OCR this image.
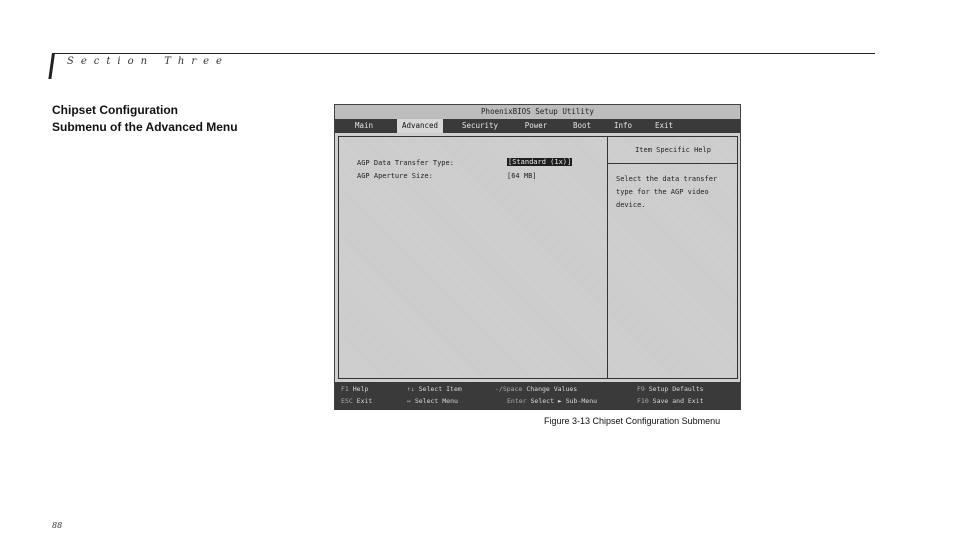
Section Three
Chipset Configuration
Submenu of the Advanced Menu
PhoenixBIOS Setup Utility
Main	Advanced	Security	Power	Boot	Info	Exit
AGP Data Transfer Type:	[Standard (1x)]
AGP Aperture Size:	[64 MB]
Item Specific Help
Select the data transfer type for the AGP video device.
F1 Help	↑↓ Select Item	-/Space Change Values	F9 Setup Defaults
ESC Exit	↔ Select Menu	Enter Select ► Sub-Menu	F10 Save and Exit
Figure 3-13 Chipset Configuration Submenu
88
